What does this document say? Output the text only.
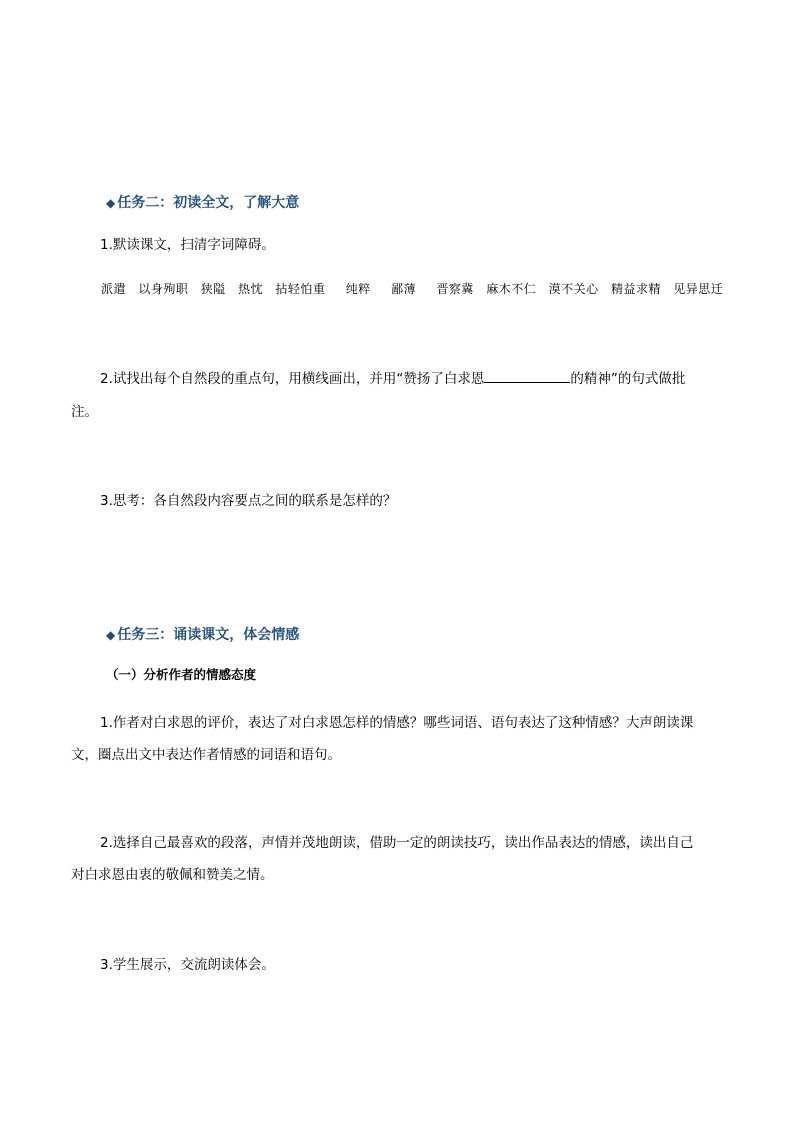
◆ 任务二：初读全文，了解大意
1.默读课文，扫清字词障碍。
派遣 以身殉职 狭隘 热忱 拈轻怕重 纯粹 鄙薄 晋察冀 麻木不仁 漠不关心 精益求精 见异思迁
2.试找出每个自然段的重点句，用横线画出，并用“赞扬了白求恩	的精神”的句式做批
注。
3.思考：各自然段内容要点之间的联系是怎样的？
◆ 任务三：诵读课文，体会情感
（一）分析作者的情感态度
1.作者对白求恩的评价，表达了对白求恩怎样的情感？哪些词语、语句表达了这种情感？大声朗读课
文，圈点出文中表达作者情感的词语和语句。
2.选择自己最喜欢的段落，声情并茂地朗读，借助一定的朗读技巧，读出作品表达的情感，读出自己
对白求恩由衷的敬佩和赞美之情。
3.学生展示，交流朗读体会。
